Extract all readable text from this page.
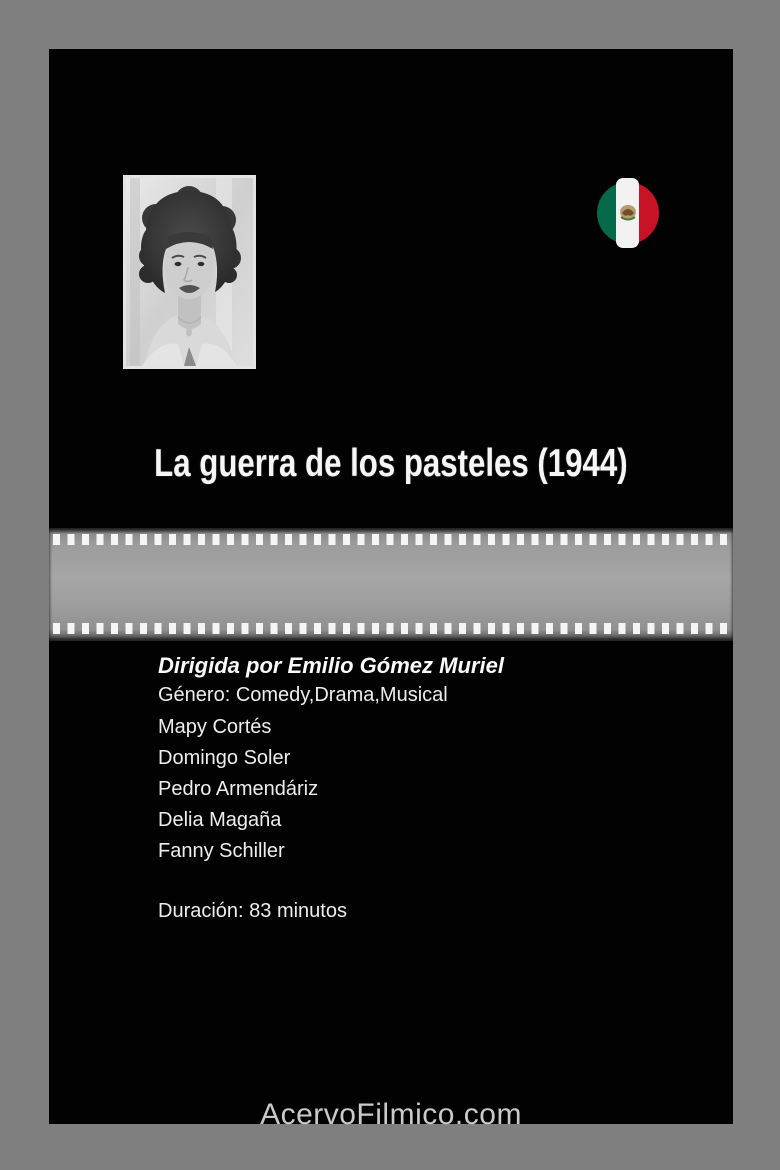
La guerra de los pasteles (1944)
Dirigida por Emilio Gómez Muriel
Género: Comedy,Drama,Musical
Mapy Cortés
Domingo Soler
Pedro Armendáriz
Delia Magaña
Fanny Schiller
Duración: 83 minutos
AcervoFilmico.com
